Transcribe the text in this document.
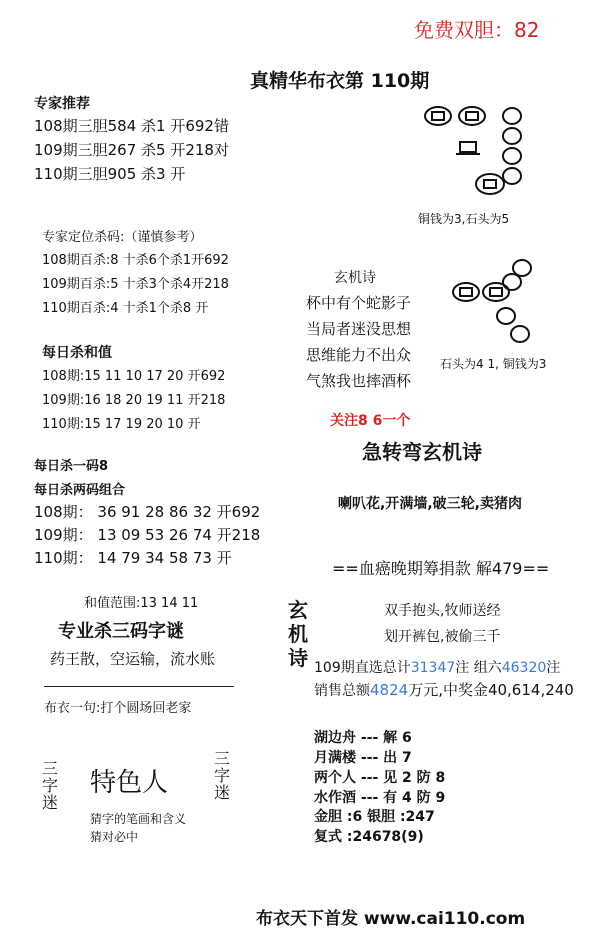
免费双胆：82
真精华布衣第 110期
专家推荐
108期三胆584 杀1 开692错
109期三胆267 杀5 开218对
110期三胆905 杀3 开
专家定位杀码:（谨慎参考）
108期百杀:8 十杀6个杀1开692
109期百杀:5 十杀3个杀4开218
110期百杀:4 十杀1个杀8 开
每日杀和值
108期:15 11 10 17 20 开692
109期:16 18 20 19 11 开218
110期:15 17 19 20 10 开
每日杀一码8
每日杀两码组合
108期： 36 91 28 86 32 开692
109期： 13 09 53 26 74 开218
110期： 14 79 34 58 73 开
和值范围:13 14 11
专业杀三码字谜
药王散，空运输，流水账
布衣一句:打个圆场回老家
三字迷
特色人
三字迷
猜字的笔画和含义
猜对必中
铜钱为3,石头为5
石头为4 1, 铜钱为3
玄机诗
杯中有个蛇影子
当局者迷没思想
思维能力不出众
气煞我也摔酒杯
关注8 6一个
急转弯玄机诗
喇叭花,开满墙,破三轮,卖猪肉
==血癌晚期筹捐款 解479==
玄机诗
双手抱头,牧师送经
划开裤包,被偷三千
109期直选总计31347注 组六46320注
销售总额4824万元,中奖金40,614,240
湖边舟 --- 解 6
月满楼 --- 出 7
两个人 --- 见 2 防 8
水作酒 --- 有 4 防 9
金胆 :6 银胆 :247
复式 :24678(9)
布衣天下首发 www.cai110.com
